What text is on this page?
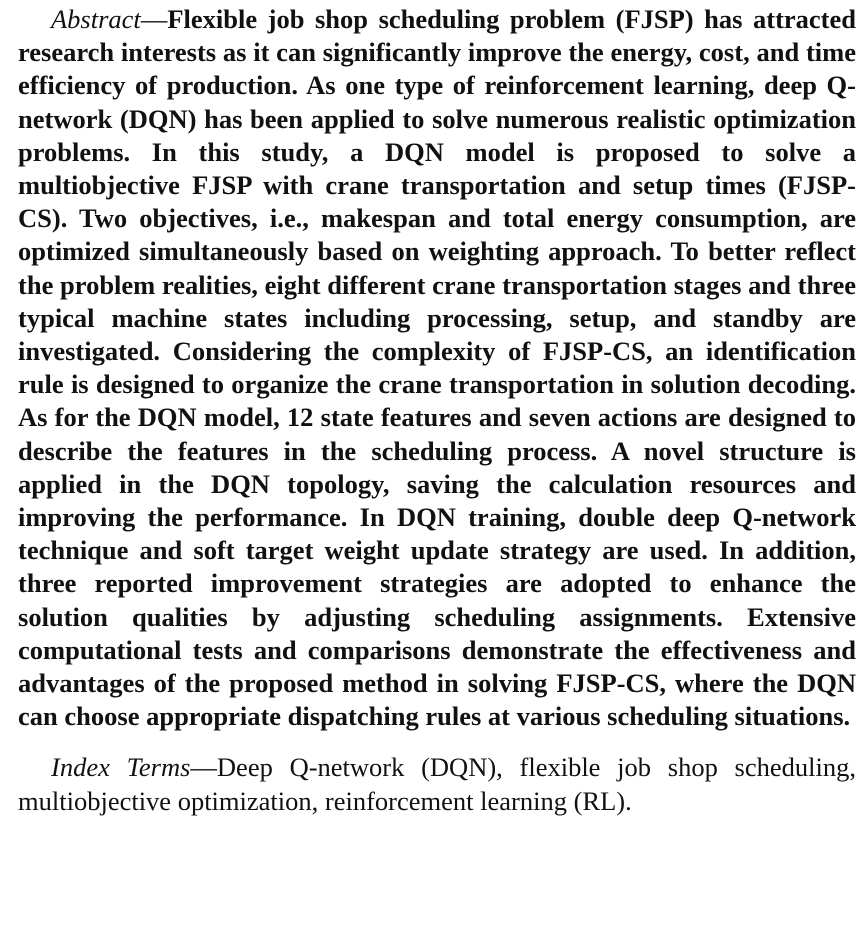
Abstract—Flexible job shop scheduling problem (FJSP) has attracted research interests as it can significantly improve the energy, cost, and time efficiency of production. As one type of reinforcement learning, deep Q-network (DQN) has been applied to solve numerous realistic optimization problems. In this study, a DQN model is proposed to solve a multiobjective FJSP with crane transportation and setup times (FJSP-CS). Two objectives, i.e., makespan and total energy consumption, are optimized simultaneously based on weighting approach. To better reflect the problem realities, eight different crane transportation stages and three typical machine states including processing, setup, and standby are investigated. Considering the complexity of FJSP-CS, an identification rule is designed to organize the crane transportation in solution decoding. As for the DQN model, 12 state features and seven actions are designed to describe the features in the scheduling process. A novel structure is applied in the DQN topology, saving the calculation resources and improving the performance. In DQN training, double deep Q-network technique and soft target weight update strategy are used. In addition, three reported improvement strategies are adopted to enhance the solution qualities by adjusting scheduling assignments. Extensive computational tests and comparisons demonstrate the effectiveness and advantages of the proposed method in solving FJSP-CS, where the DQN can choose appropriate dispatching rules at various scheduling situations.

Index Terms—Deep Q-network (DQN), flexible job shop scheduling, multiobjective optimization, reinforcement learning (RL).
